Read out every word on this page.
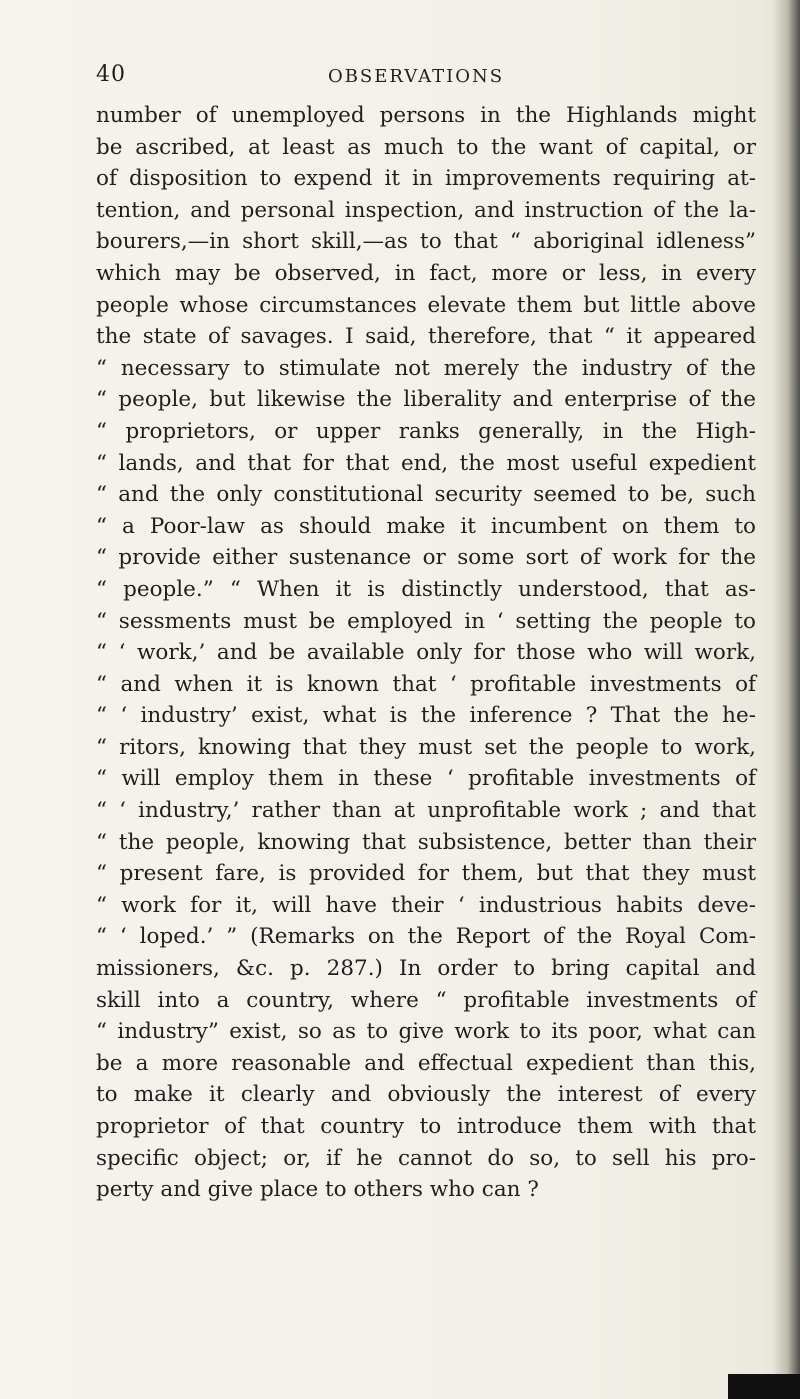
40	OBSERVATIONS
number of unemployed persons in the Highlands might
be ascribed, at least as much to the want of capital, or
of disposition to expend it in improvements requiring at-
tention, and personal inspection, and instruction of the la-
bourers,—in short skill,—as to that “ aboriginal idleness”
which may be observed, in fact, more or less, in every
people whose circumstances elevate them but little above
the state of savages. I said, therefore, that “ it appeared
“ necessary to stimulate not merely the industry of the
“ people, but likewise the liberality and enterprise of the
“ proprietors, or upper ranks generally, in the High-
“ lands, and that for that end, the most useful expedient
“ and the only constitutional security seemed to be, such
“ a Poor-law as should make it incumbent on them to
“ provide either sustenance or some sort of work for the
“ people.” “ When it is distinctly understood, that as-
“ sessments must be employed in ‘ setting the people to
“ ‘ work,’ and be available only for those who will work,
“ and when it is known that ‘ profitable investments of
“ ‘ industry’ exist, what is the inference ? That the he-
“ ritors, knowing that they must set the people to work,
“ will employ them in these ‘ profitable investments of
“ ‘ industry,’ rather than at unprofitable work ; and that
“ the people, knowing that subsistence, better than their
“ present fare, is provided for them, but that they must
“ work for it, will have their ‘ industrious habits deve-
“ ‘ loped.’ ” (Remarks on the Report of the Royal Com-
missioners, &c. p. 287.) In order to bring capital and
skill into a country, where “ profitable investments of
“ industry” exist, so as to give work to its poor, what can
be a more reasonable and effectual expedient than this,
to make it clearly and obviously the interest of every
proprietor of that country to introduce them with that
specific object; or, if he cannot do so, to sell his pro-
perty and give place to others who can ?
